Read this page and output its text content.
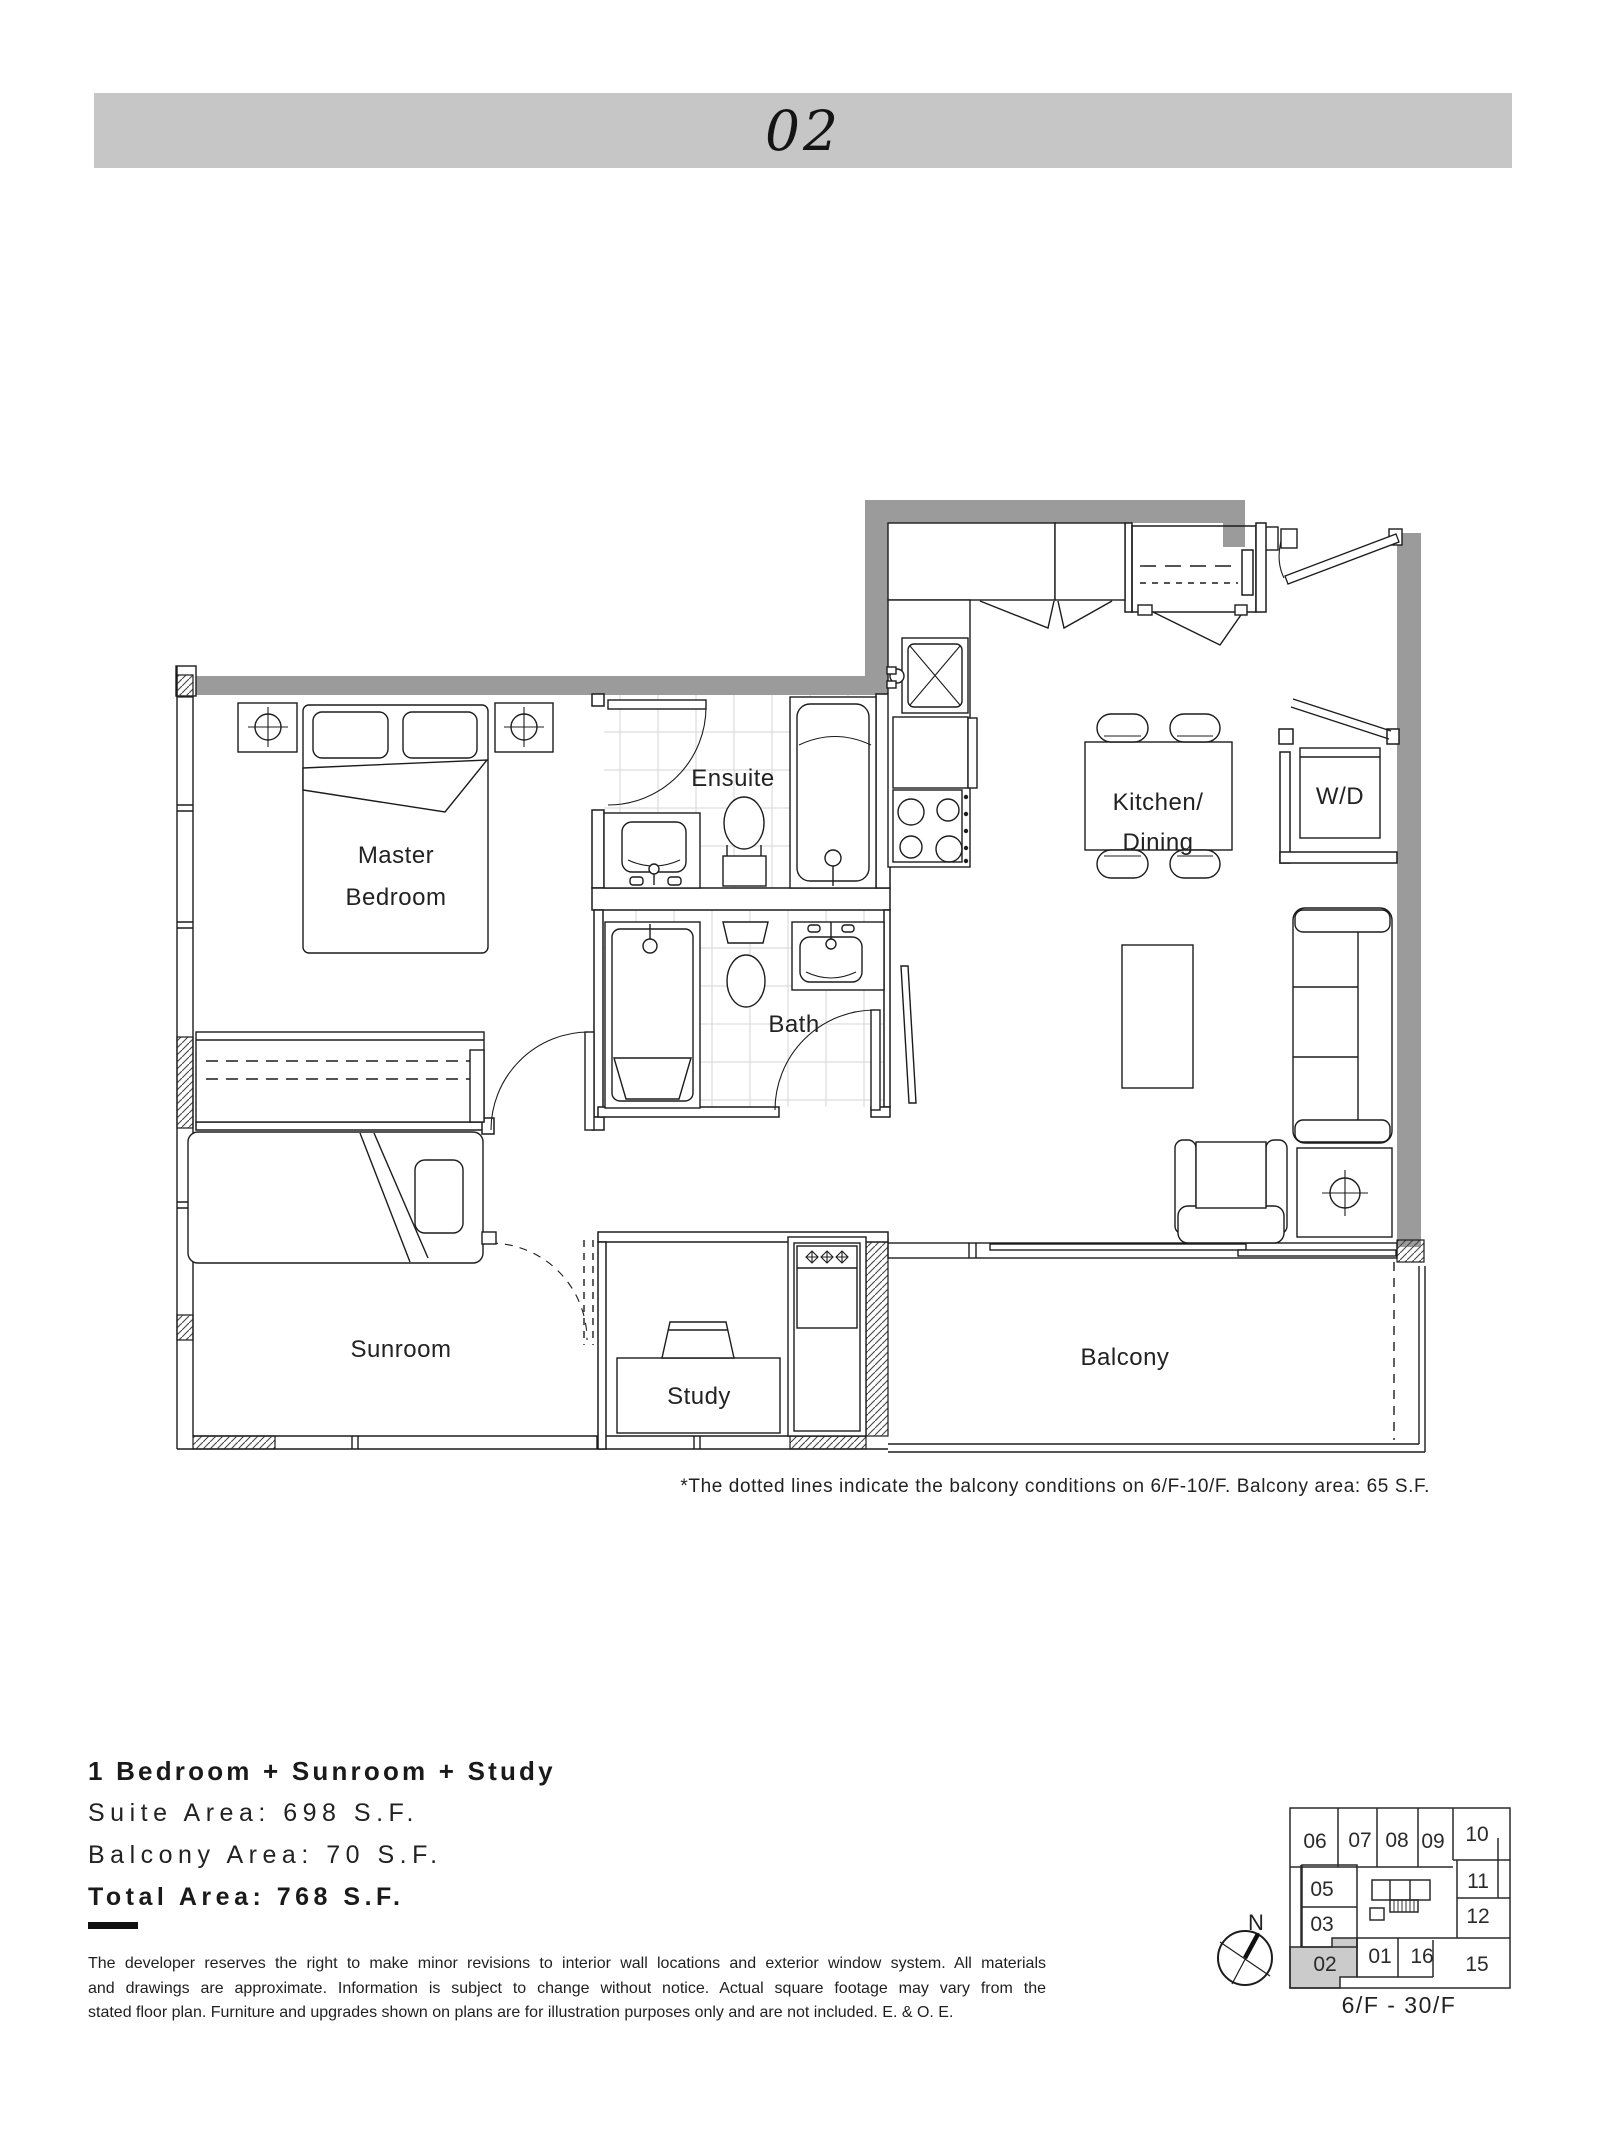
02
Master
Bedroom
Ensuite
Bath
Kitchen/
Dining
W/D
Sunroom
Study
Balcony
06 07 08 09 10
11
12
15
16
01
02
03
05
6/F - 30/F
N
*The dotted lines indicate the balcony conditions on 6/F-10/F. Balcony area: 65 S.F.
1 Bedroom + Sunroom + Study
Suite Area: 698 S.F.
Balcony Area: 70 S.F.
Total Area: 768 S.F.
The developer reserves the right to make minor revisions to interior wall locations and exterior window system. All materials
and drawings are approximate. Information is subject to change without notice. Actual square footage may vary from the
stated floor plan. Furniture and upgrades shown on plans are for illustration purposes only and are not included. E. & O. E.
